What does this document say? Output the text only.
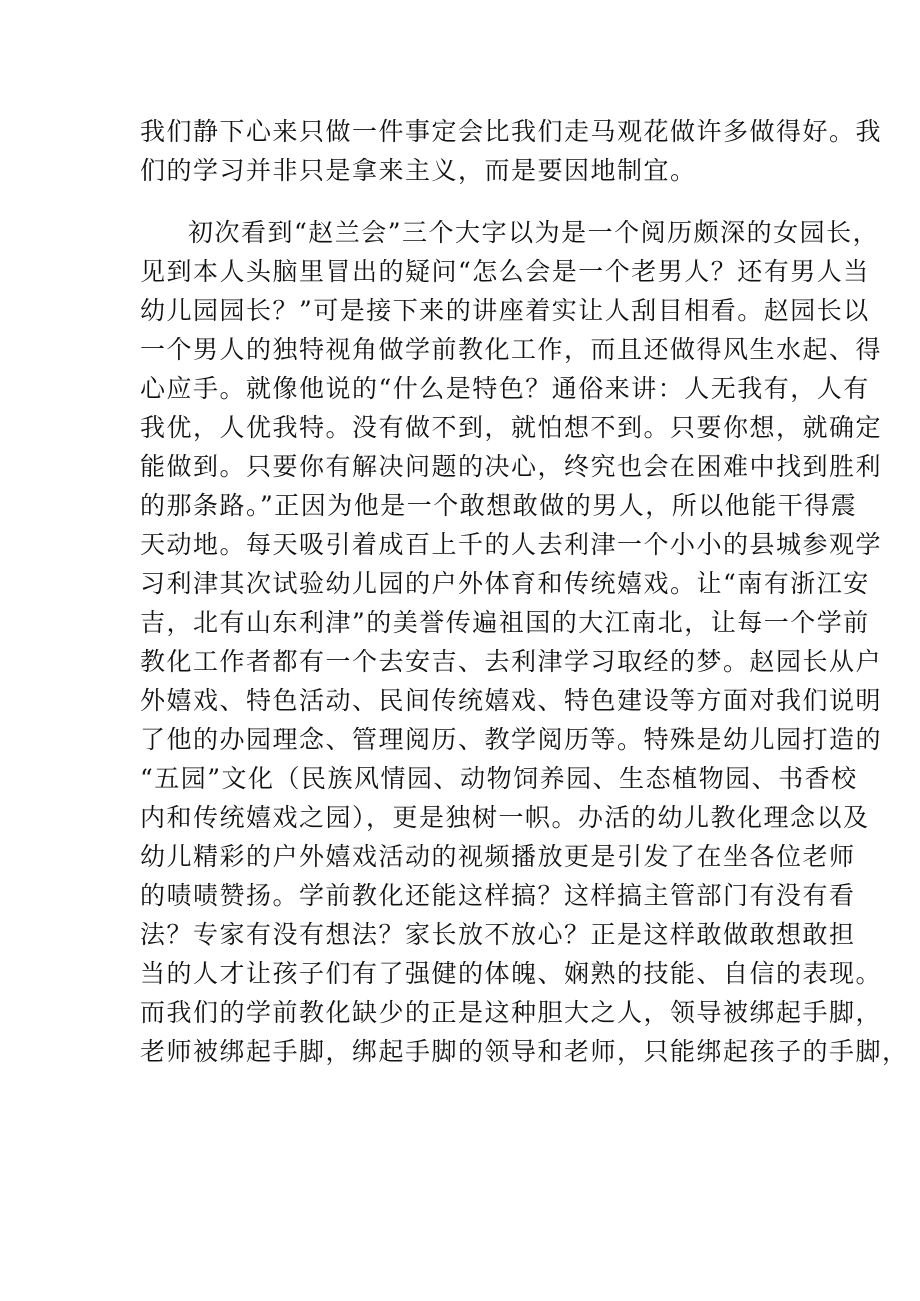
我们静下心来只做一件事定会比我们走马观花做许多做得好。我
们的学习并非只是拿来主义，而是要因地制宜。
初次看到“赵兰会”三个大字以为是一个阅历颇深的女园长，
见到本人头脑里冒出的疑问“怎么会是一个老男人？还有男人当
幼儿园园长？”可是接下来的讲座着实让人刮目相看。赵园长以
一个男人的独特视角做学前教化工作，而且还做得风生水起、得
心应手。就像他说的“什么是特色？通俗来讲：人无我有，人有
我优，人优我特。没有做不到，就怕想不到。只要你想，就确定
能做到。只要你有解决问题的决心，终究也会在困难中找到胜利
的那条路。”正因为他是一个敢想敢做的男人，所以他能干得震
天动地。每天吸引着成百上千的人去利津一个小小的县城参观学
习利津其次试验幼儿园的户外体育和传统嬉戏。让“南有浙江安
吉，北有山东利津”的美誉传遍祖国的大江南北，让每一个学前
教化工作者都有一个去安吉、去利津学习取经的梦。赵园长从户
外嬉戏、特色活动、民间传统嬉戏、特色建设等方面对我们说明
了他的办园理念、管理阅历、教学阅历等。特殊是幼儿园打造的
“五园”文化（民族风情园、动物饲养园、生态植物园、书香校
内和传统嬉戏之园），更是独树一帜。办活的幼儿教化理念以及
幼儿精彩的户外嬉戏活动的视频播放更是引发了在坐各位老师
的啧啧赞扬。学前教化还能这样搞？这样搞主管部门有没有看
法？专家有没有想法？家长放不放心？正是这样敢做敢想敢担
当的人才让孩子们有了强健的体魄、娴熟的技能、自信的表现。
而我们的学前教化缺少的正是这种胆大之人，领导被绑起手脚，
老师被绑起手脚，绑起手脚的领导和老师，只能绑起孩子的手脚，
